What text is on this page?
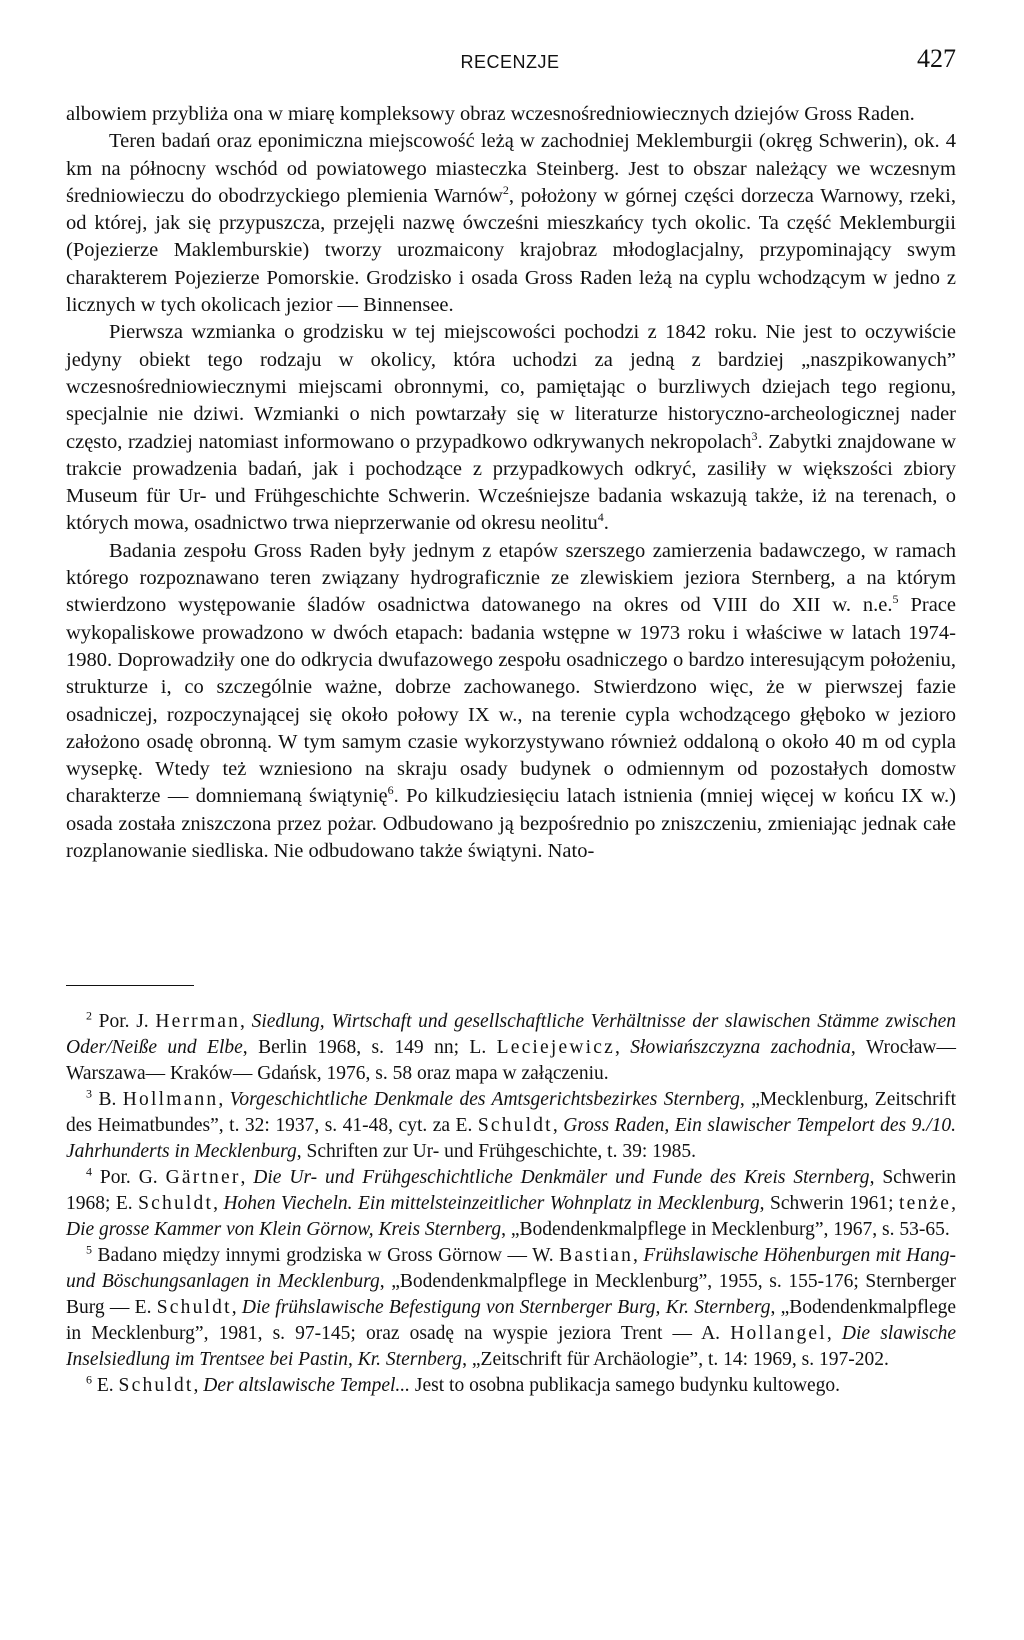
RECENZJE	427

albowiem przybliża ona w miarę kompleksowy obraz wczesnośredniowiecznych dziejów Gross Raden.

Teren badań oraz eponimiczna miejscowość leżą w zachodniej Meklemburgii (okręg Schwerin), ok. 4 km na północny wschód od powiatowego miasteczka Steinberg. Jest to obszar należący we wczesnym średniowieczu do obodrzyckiego plemienia Warnów$^2$, położony w górnej części dorzecza Warnowy, rzeki, od której, jak się przypuszcza, przejęli nazwę ówcześni mieszkańcy tych okolic. Ta część Meklemburgii (Pojezierze Maklemburskie) tworzy urozmaicony krajobraz młodoglacjalny, przypominający swym charakterem Pojezierze Pomorskie. Grodzisko i osada Gross Raden leżą na cyplu wchodzącym w jedno z licznych w tych okolicach jezior — Binnensee.

Pierwsza wzmianka o grodzisku w tej miejscowości pochodzi z 1842 roku. Nie jest to oczywiście jedyny obiekt tego rodzaju w okolicy, która uchodzi za jedną z bardziej „naszpikowanych” wczesnośredniowiecznymi miejscami obronnymi, co, pamiętając o burzliwych dziejach tego regionu, specjalnie nie dziwi. Wzmianki o nich powtarzały się w literaturze historyczno-archeologicznej nader często, rzadziej natomiast informowano o przypadkowo odkrywanych nekropolach$^3$. Zabytki znajdowane w trakcie prowadzenia badań, jak i pochodzące z przypadkowych odkryć, zasiliły w większości zbiory Museum für Ur- und Frühgeschichte Schwerin. Wcześniejsze badania wskazują także, iż na terenach, o których mowa, osadnictwo trwa nieprzerwanie od okresu neolitu$^4$.

Badania zespołu Gross Raden były jednym z etapów szerszego zamierzenia badawczego, w ramach którego rozpoznawano teren związany hydrograficznie ze zlewiskiem jeziora Sternberg, a na którym stwierdzono występowanie śladów osadnictwa datowanego na okres od VIII do XII w. n.e.$^5$ Prace wykopaliskowe prowadzono w dwóch etapach: badania wstępne w 1973 roku i właściwe w latach 1974-1980. Doprowadziły one do odkrycia dwufazowego zespołu osadniczego o bardzo interesującym położeniu, strukturze i, co szczególnie ważne, dobrze zachowanego. Stwierdzono więc, że w pierwszej fazie osadniczej, rozpoczynającej się około połowy IX w., na terenie cypla wchodzącego głęboko w jezioro założono osadę obronną. W tym samym czasie wykorzystywano również oddaloną o około 40 m od cypla wysepkę. Wtedy też wzniesiono na skraju osady budynek o odmiennym od pozostałych domostw charakterze — domniemaną świątynię$^6$. Po kilkudziesięciu latach istnienia (mniej więcej w końcu IX w.) osada została zniszczona przez pożar. Odbudowano ją bezpośrednio po zniszczeniu, zmieniając jednak całe rozplanowanie siedliska. Nie odbudowano także świątyni. Nato-

$^2$ Por. J. Herrman, Siedlung, Wirtschaft und gesellschaftliche Verhältnisse der slawischen Stämme zwischen Oder/Neiße und Elbe, Berlin 1968, s. 149 nn; L. Leciejewicz, Słowiańszczyzna zachodnia, Wrocław— Warszawa— Kraków— Gdańsk, 1976, s. 58 oraz mapa w załączeniu.

$^3$ B. Hollmann, Vorgeschichtliche Denkmale des Amtsgerichtsbezirkes Sternberg, „Mecklenburg, Zeitschrift des Heimatbundes”, t. 32: 1937, s. 41-48, cyt. za E. Schuldt, Gross Raden, Ein slawischer Tempelort des 9./10. Jahrhunderts in Mecklenburg, Schriften zur Ur- und Frühgeschichte, t. 39: 1985.

$^4$ Por. G. Gärtner, Die Ur- und Frühgeschichtliche Denkmäler und Funde des Kreis Sternberg, Schwerin 1968; E. Schuldt, Hohen Viecheln. Ein mittelsteinzeitlicher Wohnplatz in Mecklenburg, Schwerin 1961; tenże, Die grosse Kammer von Klein Görnow, Kreis Sternberg, „Bodendenkmalpflege in Mecklenburg”, 1967, s. 53-65.

$^5$ Badano między innymi grodziska w Gross Görnow — W. Bastian, Frühslawische Höhenburgen mit Hang- und Böschungsanlagen in Mecklenburg, „Bodendenkmalpflege in Mecklenburg”, 1955, s. 155-176; Sternberger Burg — E. Schuldt, Die frühslawische Befestigung von Sternberger Burg, Kr. Sternberg, „Bodendenkmalpflege in Mecklenburg”, 1981, s. 97-145; oraz osadę na wyspie jeziora Trent — A. Hollangel, Die slawische Inselsiedlung im Trentsee bei Pastin, Kr. Sternberg, „Zeitschrift für Archäologie”, t. 14: 1969, s. 197-202.

$^6$ E. Schuldt, Der altslawische Tempel... Jest to osobna publikacja samego budynku kultowego.
